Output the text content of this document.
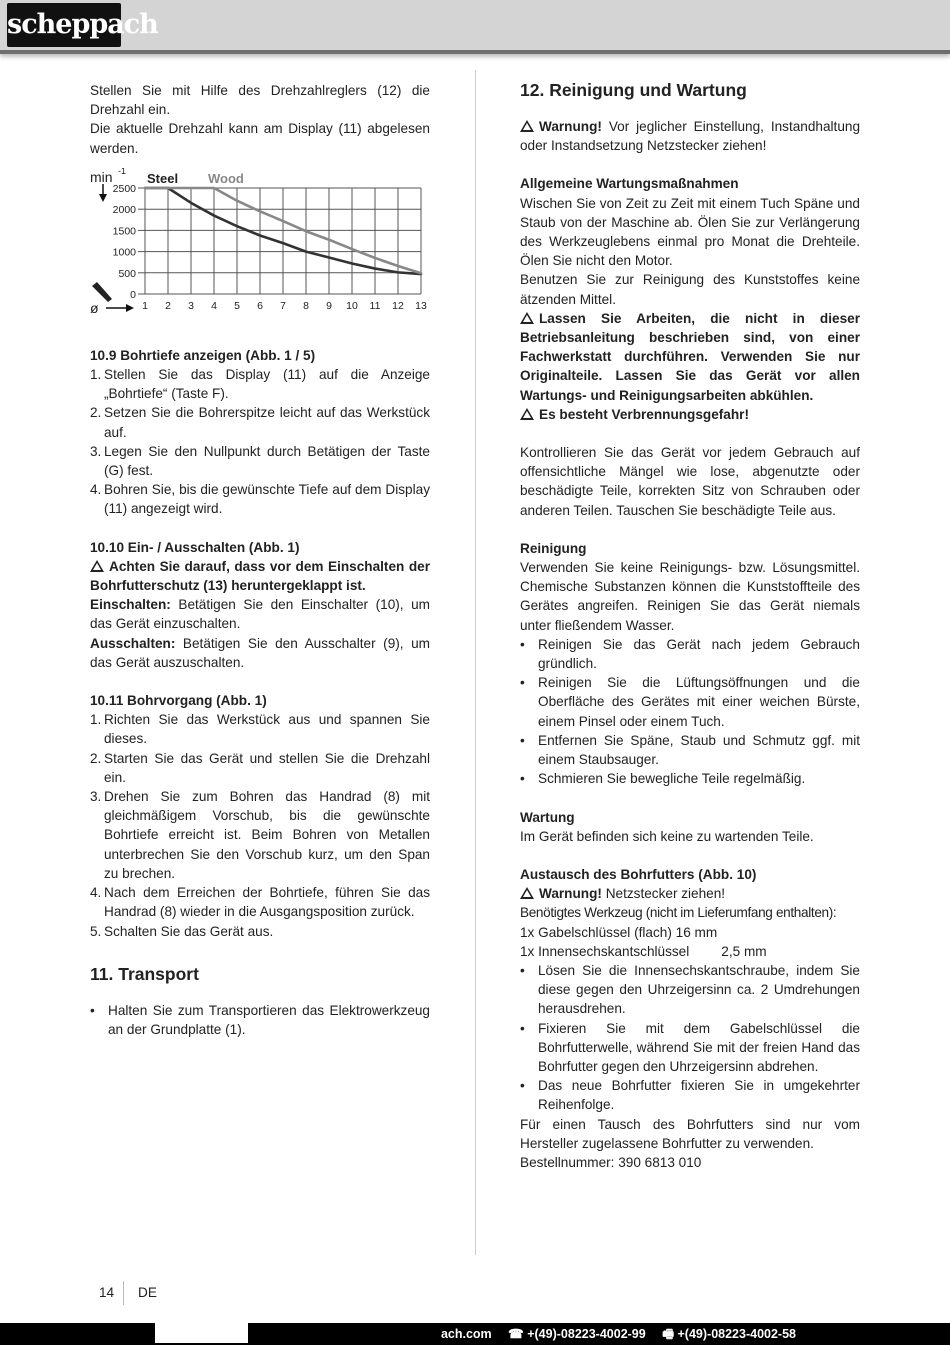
scheppach

Stellen Sie mit Hilfe des Drehzahlreglers (12) die Drehzahl ein.

Die aktuelle Drehzahl kann am Display (11) abgelesen werden.

0
500
1000
1500
2000
2500
1 2 3 4 5 6 7 8 9 10 11 12 13
min -1
ø
Steel Wood

10.9 Bohrtiefe anzeigen (Abb. 1 / 5)

1. Stellen Sie das Display (11) auf die Anzeige „Bohrtiefe“ (Taste F).
2. Setzen Sie die Bohrerspitze leicht auf das Werkstück auf.
3. Legen Sie den Nullpunkt durch Betätigen der Taste (G) fest.
4. Bohren Sie, bis die gewünschte Tiefe auf dem Display (11) angezeigt wird.

10.10 Ein- / Ausschalten (Abb. 1)

Achten Sie darauf, dass vor dem Einschalten der Bohrfutterschutz (13) heruntergeklappt ist.

Einschalten: Betätigen Sie den Einschalter (10), um das Gerät einzuschalten.

Ausschalten: Betätigen Sie den Ausschalter (9), um das Gerät auszuschalten.

10.11 Bohrvorgang (Abb. 1)

1. Richten Sie das Werkstück aus und spannen Sie dieses.
2. Starten Sie das Gerät und stellen Sie die Drehzahl ein.
3. Drehen Sie zum Bohren das Handrad (8) mit gleichmäßigem Vorschub, bis die gewünschte Bohrtiefe erreicht ist. Beim Bohren von Metallen unterbrechen Sie den Vorschub kurz, um den Span zu brechen.
4. Nach dem Erreichen der Bohrtiefe, führen Sie das Handrad (8) wieder in die Ausgangsposition zurück.
5. Schalten Sie das Gerät aus.

11. Transport

• Halten Sie zum Transportieren das Elektrowerkzeug an der Grundplatte (1).

12. Reinigung und Wartung

Warnung! Vor jeglicher Einstellung, Instandhaltung oder Instandsetzung Netzstecker ziehen!

Allgemeine Wartungsmaßnahmen

Wischen Sie von Zeit zu Zeit mit einem Tuch Späne und Staub von der Maschine ab. Ölen Sie zur Verlängerung des Werkzeuglebens einmal pro Monat die Drehteile. Ölen Sie nicht den Motor.

Benutzen Sie zur Reinigung des Kunststoffes keine ätzenden Mittel.

Lassen Sie Arbeiten, die nicht in dieser Betriebsanleitung beschrieben sind, von einer Fachwerkstatt durchführen. Verwenden Sie nur Originalteile. Lassen Sie das Gerät vor allen Wartungs- und Reinigungsarbeiten abkühlen.

Es besteht Verbrennungsgefahr!

Kontrollieren Sie das Gerät vor jedem Gebrauch auf offensichtliche Mängel wie lose, abgenutzte oder beschädigte Teile, korrekten Sitz von Schrauben oder anderen Teilen. Tauschen Sie beschädigte Teile aus.

Reinigung

Verwenden Sie keine Reinigungs- bzw. Lösungsmittel. Chemische Substanzen können die Kunststoffteile des Gerätes angreifen. Reinigen Sie das Gerät niemals unter fließendem Wasser.

• Reinigen Sie das Gerät nach jedem Gebrauch gründlich.
• Reinigen Sie die Lüftungsöffnungen und die Oberfläche des Gerätes mit einer weichen Bürste, einem Pinsel oder einem Tuch.
• Entfernen Sie Späne, Staub und Schmutz ggf. mit einem Staubsauger.
• Schmieren Sie bewegliche Teile regelmäßig.

Wartung

Im Gerät befinden sich keine zu wartenden Teile.

Austausch des Bohrfutters (Abb. 10)

Warnung! Netzstecker ziehen!

Benötigtes Werkzeug (nicht im Lieferumfang enthalten):

1x Gabelschlüssel (flach) 16 mm

1x Innensechskantschlüssel 2,5 mm

• Lösen Sie die Innensechskantschraube, indem Sie diese gegen den Uhrzeigersinn ca. 2 Umdrehungen herausdrehen.
• Fixieren Sie mit dem Gabelschlüssel die Bohrfutterwelle, während Sie mit der freien Hand das Bohrfutter gegen den Uhrzeigersinn abdrehen.
• Das neue Bohrfutter fixieren Sie in umgekehrter Reihenfolge.

Für einen Tausch des Bohrfutters sind nur vom Hersteller zugelassene Bohrfutter zu verwenden.

Bestellnummer: 390 6813 010

14 DE
ach.com ☎ +(49)-08223-4002-99 🖷 +(49)-08223-4002-58
